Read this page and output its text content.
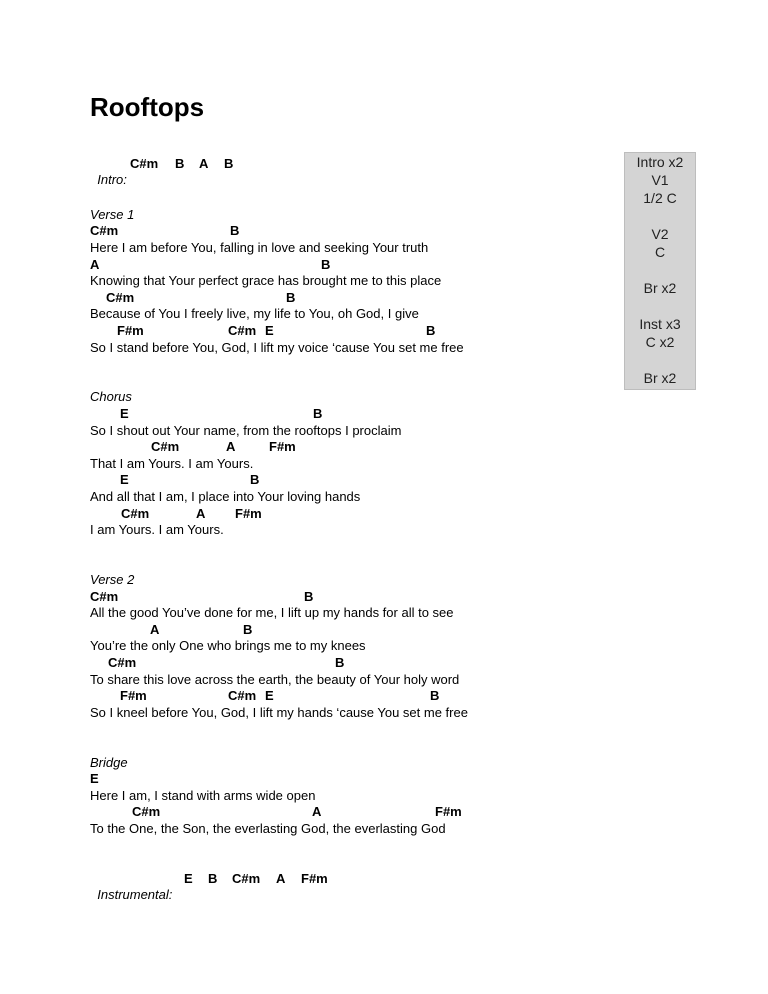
Rooftops

Intro:

C#m

B

A

B

Verse 1

C#m

	B

Here I am before You, falling in love and seeking Your truth

A

	B

Knowing that Your perfect grace has brought me to this place

C#m

	B

Because of You I freely live, my life to You, oh God, I give

F#m

	C#m

E

	B

So I stand before You, God, I lift my voice ‘cause You set me free
Chorus

E

	B

So I shout out Your name, from the rooftops I proclaim

C#m

	A

	F#m

That I am Yours. I am Yours.

E

	B

And all that I am, I place into Your loving hands

C#m

	A

F#m

I am Yours. I am Yours.
Verse 2

C#m

	B

All the good You’ve done for me, I lift up my hands for all to see

A

	B

You’re the only One who brings me to my knees

C#m

	B

To share this love across the earth, the beauty of Your holy word

F#m

	C#m

E

	B

So I kneel before You, God, I lift my hands ‘cause You set me free
Bridge

E

Here I am, I stand with arms wide open

C#m

	A

	F#m

To the One, the Son, the everlasting God, the everlasting God

Instrumental:

E

B

C#m

A

F#m

Intro x2
V1
1/2 C
V2
C
Br x2
Inst x3
C x2
Br x2
